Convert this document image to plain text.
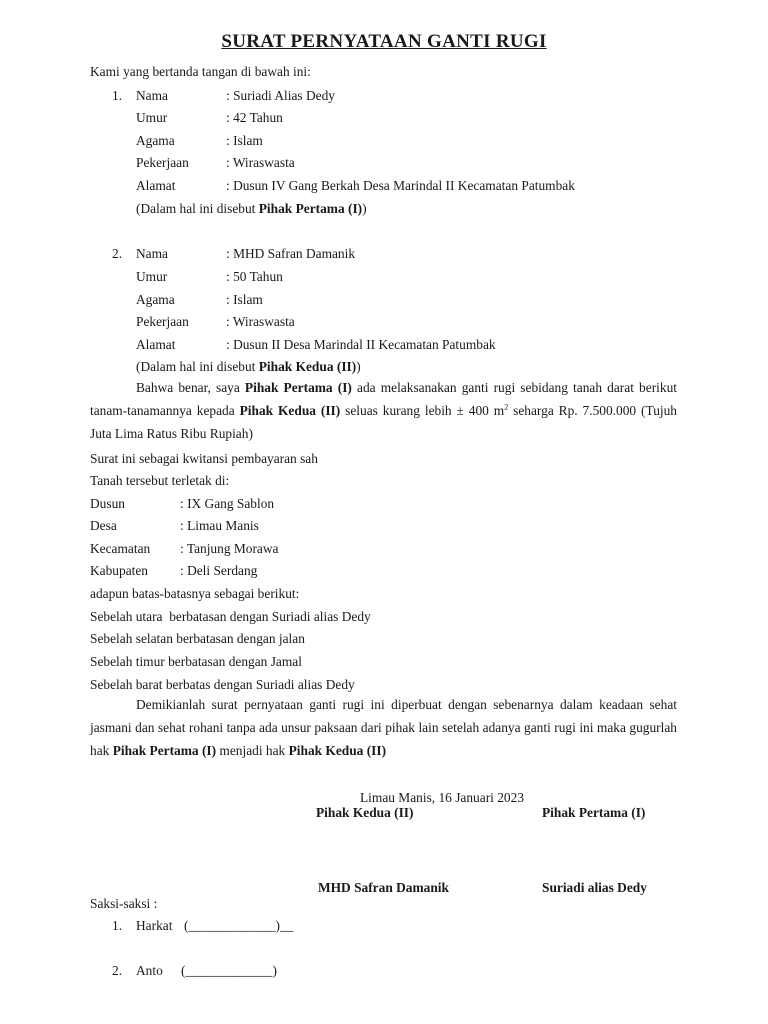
SURAT PERNYATAAN GANTI RUGI
Kami yang bertanda tangan di bawah ini:
1. Nama	: Suriadi Alias Dedy
Umur	: 42 Tahun
Agama	: Islam
Pekerjaan	: Wiraswasta
Alamat	: Dusun IV Gang Berkah Desa Marindal II Kecamatan Patumbak
(Dalam hal ini disebut Pihak Pertama (I))
2. Nama	: MHD Safran Damanik
Umur	: 50 Tahun
Agama	: Islam
Pekerjaan	: Wiraswasta
Alamat	: Dusun II Desa Marindal II Kecamatan Patumbak
(Dalam hal ini disebut Pihak Kedua (II))
Bahwa benar, saya Pihak Pertama (I) ada melaksanakan ganti rugi sebidang tanah darat berikut tanam-tanamannya kepada Pihak Kedua (II) seluas kurang lebih ± 400 $m^2$ seharga Rp. 7.500.000 (Tujuh Juta Lima Ratus Ribu Rupiah)
Surat ini sebagai kwitansi pembayaran sah
Tanah tersebut terletak di:
Dusun	: IX Gang Sablon
Desa	: Limau Manis
Kecamatan : Tanjung Morawa
Kabupaten : Deli Serdang
adapun batas-batasnya sebagai berikut:
Sebelah utara  berbatasan dengan Suriadi alias Dedy
Sebelah selatan berbatasan dengan jalan
Sebelah timur berbatasan dengan Jamal
Sebelah barat berbatas dengan Suriadi alias Dedy
Demikianlah surat pernyataan ganti rugi ini diperbuat dengan sebenarnya dalam keadaan sehat jasmani dan sehat rohani tanpa ada unsur paksaan dari pihak lain setelah adanya ganti rugi ini maka gugurlah hak Pihak Pertama (I) menjadi hak Pihak Kedua (II)
Limau Manis, 16 Januari 2023
Pihak Kedua (II)	Pihak Pertama (I)
MHD Safran Damanik	Suriadi alias Dedy
Saksi-saksi :
1. Harkat (_____________)__
2. Anto (_____________)
